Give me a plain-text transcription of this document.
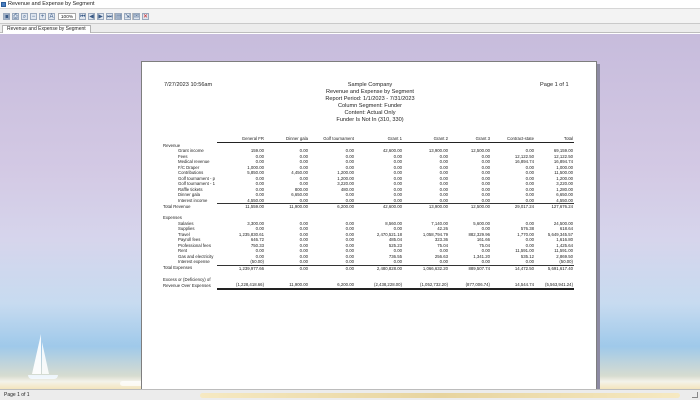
Revenue and Expense by Segment
▣ ⎙ ⌕ − + A	100%	⏮ ◀ ▶ ⏭ ▤ ⇲ ✉ ✕
Revenue and Expense by Segment
7/27/2023 10:56am	Page 1 of 1
Sample Company
Revenue and Expense by Segment
Report Period: 1/1/2023 - 7/31/2023
Column Segment: Funder
Content: Actual Only
Funder Is Not In (310, 330)
	General FR	Dinner gala	Golf tournament	Grant 1	Grant 2	Grant 3	Contract-state	Total
Revenue								
Grant income	159.00	0.00	0.00	42,600.00	13,900.00	12,500.00	0.00	69,159.00
Fees	0.00	0.00	0.00	0.00	0.00	0.00	12,122.50	12,122.50
Medical revenue	0.00	0.00	0.00	0.00	0.00	0.00	16,894.74	16,894.74
F/C Draper	1,000.00	0.00	0.00	0.00	0.00	0.00	0.00	1,000.00
Contributions	5,850.00	4,450.00	1,200.00	0.00	0.00	0.00	0.00	11,500.00
Golf tournament - p	0.00	0.00	1,200.00	0.00	0.00	0.00	0.00	1,200.00
Golf tournament - 1	0.00	0.00	3,220.00	0.00	0.00	0.00	0.00	3,220.00
Raffle tickets	0.00	800.00	480.00	0.00	0.00	0.00	0.00	1,280.00
Dinner gala	0.00	6,650.00	0.00	0.00	0.00	0.00	0.00	6,650.00
Interest income	4,550.00	0.00	0.00	0.00	0.00	0.00	0.00	4,550.00
Total Revenue	11,559.00	11,900.00	6,200.00	42,600.00	13,900.00	12,500.00	29,017.24	127,676.24

Expenses								
Salaries	3,300.00	0.00	0.00	8,560.00	7,140.00	5,600.00	0.00	24,500.00
Supplies	0.00	0.00	0.00	0.00	42.26	0.00	576.38	618.64
Travel	1,235,830.61	0.00	0.00	2,470,521.18	1,058,794.79	882,329.96	1,770.00	5,649,345.57
Payroll fees	646.72	0.00	0.00	485.04	323.36	161.66	0.00	1,616.80
Professional fees	750.33	0.00	0.00	525.23	75.04	75.04	0.00	1,425.64
Rent	0.00	0.00	0.00	0.00	0.00	0.00	11,591.00	11,591.00
Gas and electricity	0.00	0.00	0.00	736.55	256.63	1,341.20	535.12	2,869.50
Interest expense	(50.00)	0.00	0.00	0.00	0.00	0.00	0.00	(50.00)
Total Expenses	1,239,977.66	0.00	0.00	2,480,828.00	1,066,632.20	889,507.74	14,472.50	5,691,617.40

Excess or (Deficiency) of								
Revenue Over Expenses	(1,228,418.66)	11,900.00	6,200.00	(2,438,228.00)	(1,052,732.20)	(877,006.74)	14,544.74	(5,563,941.24)
Page 1 of 1
